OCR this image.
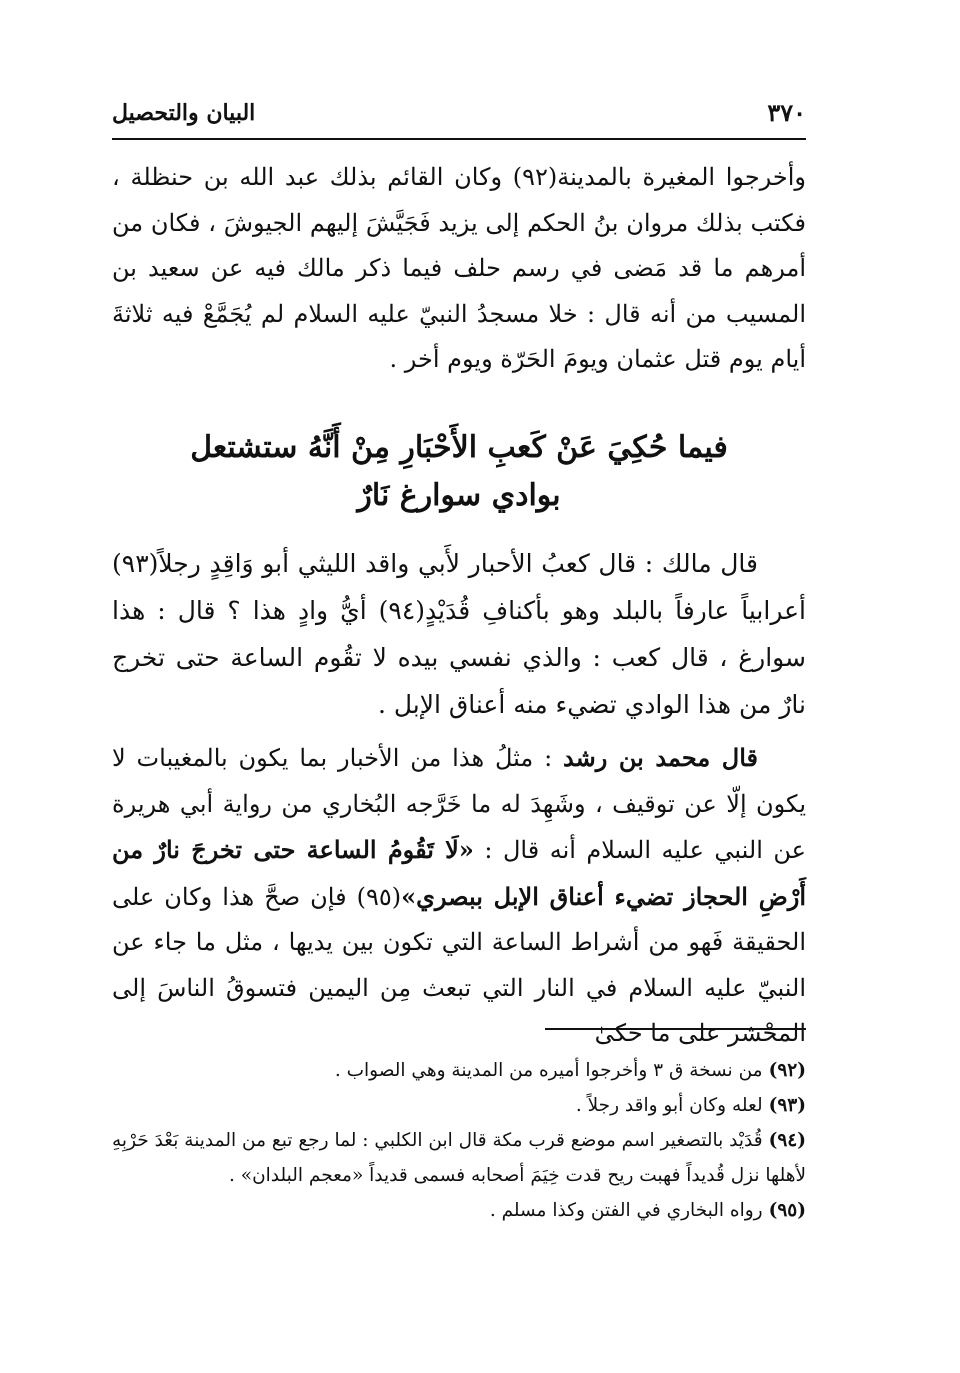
٣٧٠
البيان والتحصيل

وأخرجوا المغيرة بالمدينة(٩٢) وكان القائم بذلك عبد الله بن حنظلة ، فكتب بذلك مروان بنُ الحكم إلى يزيد فَجَيَّشَ إليهم الجيوشَ ، فكان من أمرهم ما قد مَضى في رسم حلف فيما ذكر مالك فيه عن سعيد بن المسيب من أنه قال : خلا مسجدُ النبيّ عليه السلام لم يُجَمَّعْ فيه ثلاثةَ أيام يوم قتل عثمان ويومَ الحَرّة ويوم أخر .

فيما حُكِيَ عَنْ كَعبِ الأَحْبَارِ مِنْ أَنَّهُ ستشتعل
بوادي سوارغ نَارٌ

قال مالك : قال كعبُ الأحبار لأَبي واقد الليثي أبو وَاقِدٍ رجلاً(٩٣) أعرابياً عارفاً بالبلد وهو بأكنافِ قُدَيْدٍ(٩٤) أيُّ وادٍ هذا ؟ قال : هذا سوارغ ، قال كعب : والذي نفسي بيده لا تقُوم الساعة حتى تخرج نارٌ من هذا الوادي تضيء منه أعناق الإبل .

قال محمد بن رشد : مثلُ هذا من الأخبار بما يكون بالمغيبات لا يكون إلّا عن توقيف ، وشَهِدَ له ما خَرَّجه البُخاري من رواية أبي هريرة عن النبي عليه السلام أنه قال : «لَا تَقُومُ الساعة حتى تخرجَ نارٌ من أَرْضِ الحجاز تضيء أعناق الإبل ببصري»(٩٥) فإن صحَّ هذا وكان على الحقيقة فَهو من أشراط الساعة التي تكون بين يديها ، مثل ما جاء عن النبيّ عليه السلام في النار التي تبعث مِن اليمين فتسوقُ الناسَ إلى المحْشر على ما حكىٰ

(٩٢)من نسخة ق ٣ وأخرجوا أميره من المدينة وهي الصواب .
(٩٣)لعله وكان أبو واقد رجلاً .
(٩٤)قُدَيْد بالتصغير اسم موضع قرب مكة قال ابن الكلبي : لما رجع تبع من المدينة بَعْدَ حَرْبِهِ لأهلها نزل قُديداً فهبت ريح قدت خِيَمَ أصحابه فسمى قديداً «معجم البلدان» .
(٩٥)رواه البخاري في الفتن وكذا مسلم .
